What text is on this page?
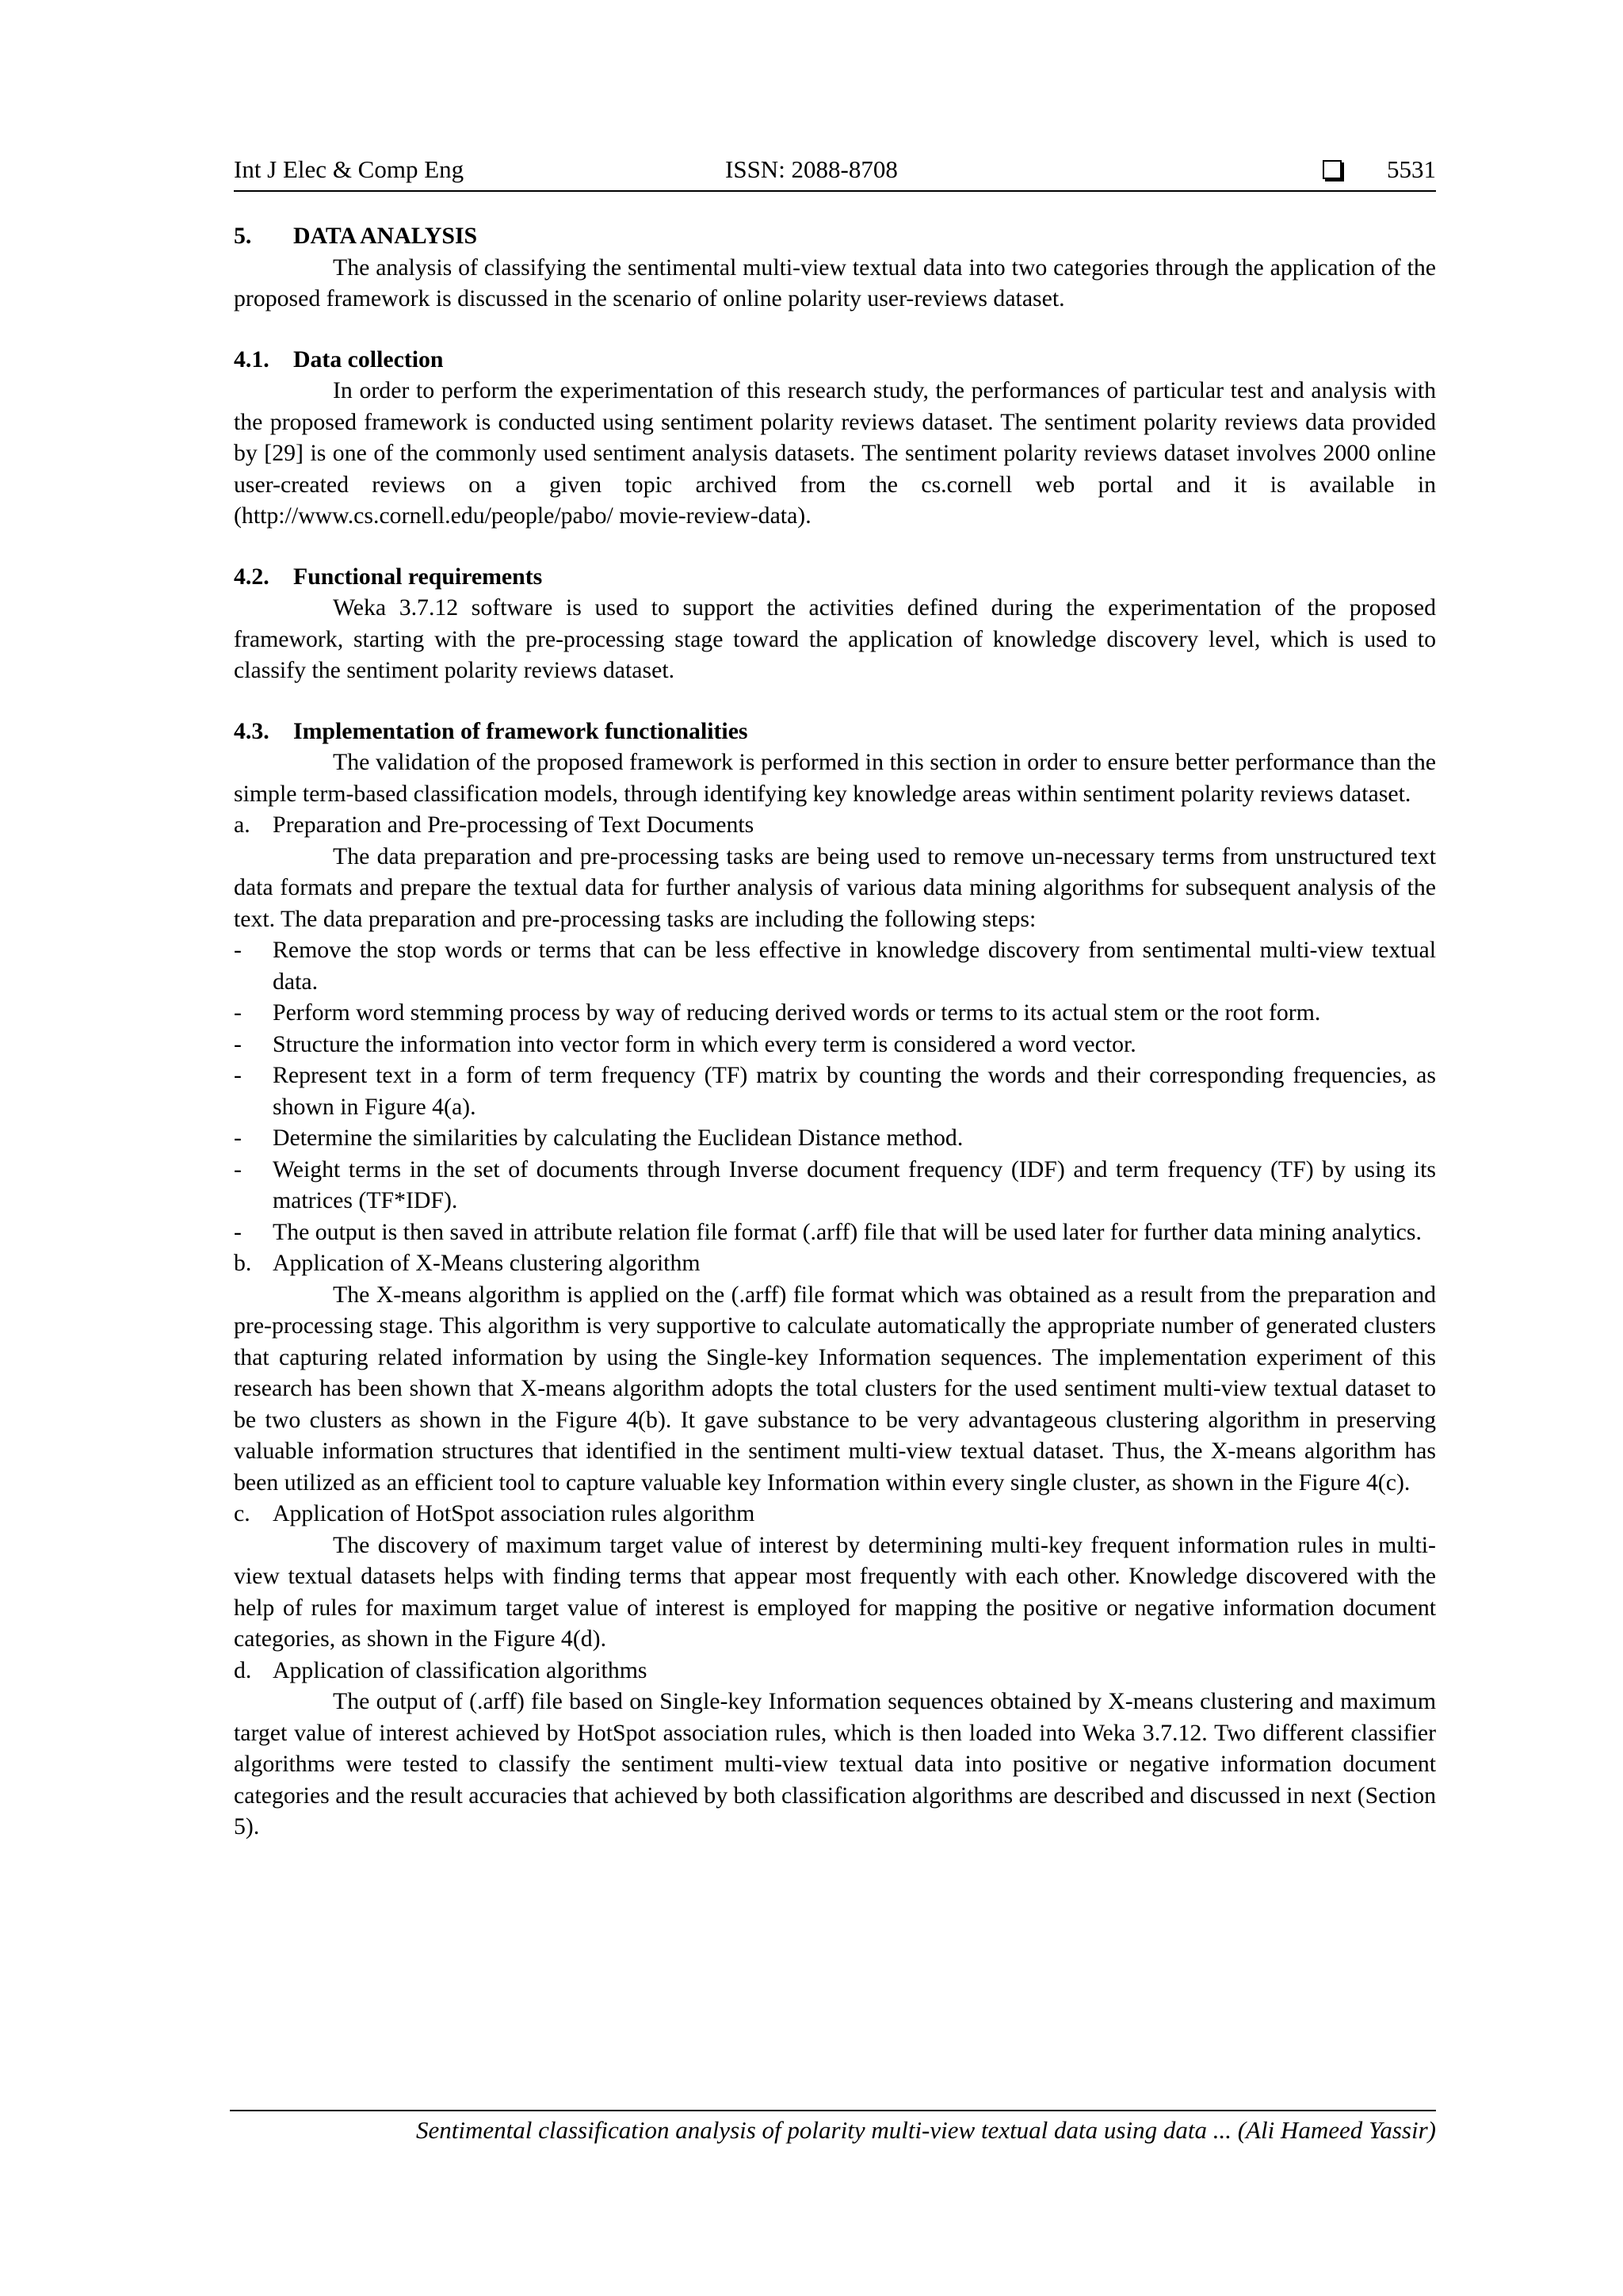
Int J Elec & Comp Eng	ISSN: 2088-8708	5531
5. DATA ANALYSIS

The analysis of classifying the sentimental multi-view textual data into two categories through the application of the proposed framework is discussed in the scenario of online polarity user-reviews dataset.

4.1. Data collection

In order to perform the experimentation of this research study, the performances of particular test and analysis with the proposed framework is conducted using sentiment polarity reviews dataset. The sentiment polarity reviews data provided by [29] is one of the commonly used sentiment analysis datasets. The sentiment polarity reviews dataset involves 2000 online user-created reviews on a given topic archived from the cs.cornell web portal and it is available in (http://www.cs.cornell.edu/people/pabo/ movie-review-data).

4.2. Functional requirements

Weka 3.7.12 software is used to support the activities defined during the experimentation of the proposed framework, starting with the pre-processing stage toward the application of knowledge discovery level, which is used to classify the sentiment polarity reviews dataset.

4.3. Implementation of framework functionalities

The validation of the proposed framework is performed in this section in order to ensure better performance than the simple term-based classification models, through identifying key knowledge areas within sentiment polarity reviews dataset.

a. Preparation and Pre-processing of Text Documents

The data preparation and pre-processing tasks are being used to remove un-necessary terms from unstructured text data formats and prepare the textual data for further analysis of various data mining algorithms for subsequent analysis of the text. The data preparation and pre-processing tasks are including the following steps:

-	Remove the stop words or terms that can be less effective in knowledge discovery from sentimental multi-view textual data.
-	Perform word stemming process by way of reducing derived words or terms to its actual stem or the root form.
-	Structure the information into vector form in which every term is considered a word vector.
-	Represent text in a form of term frequency (TF) matrix by counting the words and their corresponding frequencies, as shown in Figure 4(a).
-	Determine the similarities by calculating the Euclidean Distance method.
-	Weight terms in the set of documents through Inverse document frequency (IDF) and term frequency (TF) by using its matrices (TF*IDF).
-	The output is then saved in attribute relation file format (.arff) file that will be used later for further data mining analytics.
b. Application of X-Means clustering algorithm

The X-means algorithm is applied on the (.arff) file format which was obtained as a result from the preparation and pre-processing stage. This algorithm is very supportive to calculate automatically the appropriate number of generated clusters that capturing related information by using the Single-key Information sequences. The implementation experiment of this research has been shown that X-means algorithm adopts the total clusters for the used sentiment multi-view textual dataset to be two clusters as shown in the Figure 4(b). It gave substance to be very advantageous clustering algorithm in preserving valuable information structures that identified in the sentiment multi-view textual dataset. Thus, the X-means algorithm has been utilized as an efficient tool to capture valuable key Information within every single cluster, as shown in the Figure 4(c).

c. Application of HotSpot association rules algorithm

The discovery of maximum target value of interest by determining multi-key frequent information rules in multi-view textual datasets helps with finding terms that appear most frequently with each other. Knowledge discovered with the help of rules for maximum target value of interest is employed for mapping the positive or negative information document categories, as shown in the Figure 4(d).

d. Application of classification algorithms

The output of (.arff) file based on Single-key Information sequences obtained by X-means clustering and maximum target value of interest achieved by HotSpot association rules, which is then loaded into Weka 3.7.12. Two different classifier algorithms were tested to classify the sentiment multi-view textual data into positive or negative information document categories and the result accuracies that achieved by both classification algorithms are described and discussed in next (Section 5).

Sentimental classification analysis of polarity multi-view textual data using data ... (Ali Hameed Yassir)
